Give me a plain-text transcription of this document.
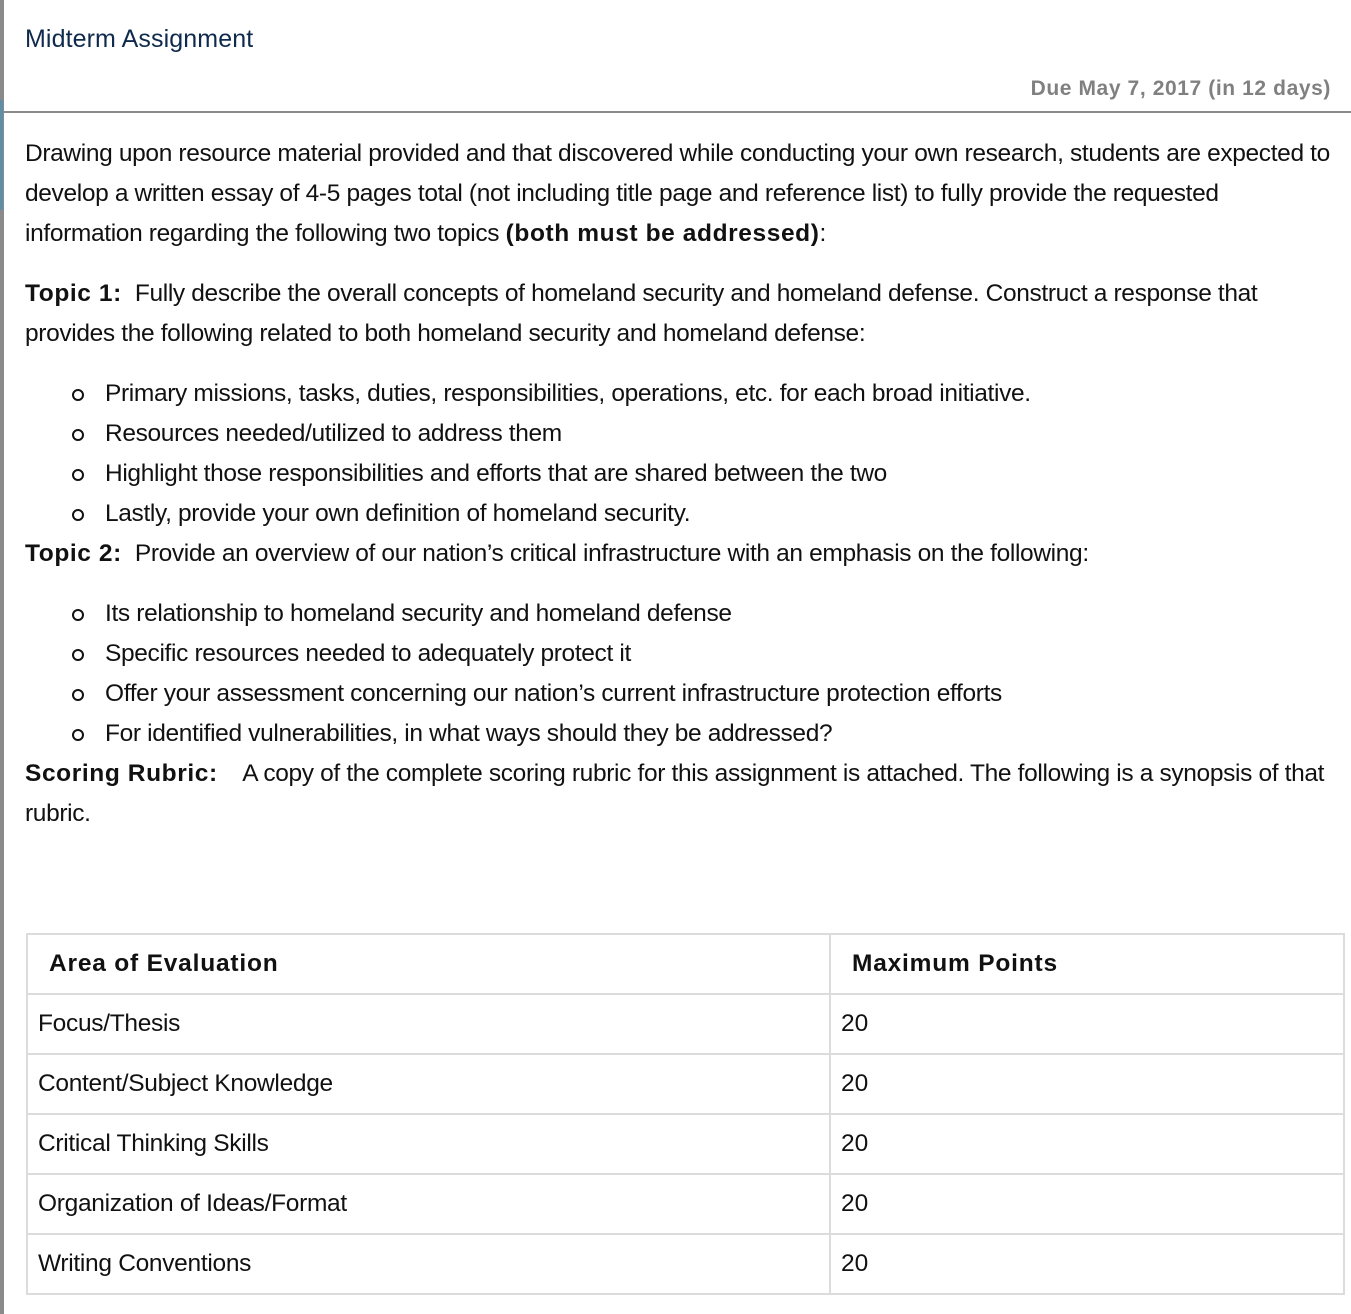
Midterm Assignment
Due May 7, 2017 (in 12 days)

Drawing upon resource material provided and that discovered while conducting your own research, students are expected to develop a written essay of 4-5 pages total (not including title page and reference list) to fully provide the requested information regarding the following two topics (both must be addressed):

Topic 1: Fully describe the overall concepts of homeland security and homeland defense. Construct a response that provides the following related to both homeland security and homeland defense:

Primary missions, tasks, duties, responsibilities, operations, etc. for each broad initiative.
Resources needed/utilized to address them
Highlight those responsibilities and efforts that are shared between the two
Lastly, provide your own definition of homeland security.

Topic 2: Provide an overview of our nation’s critical infrastructure with an emphasis on the following:

Its relationship to homeland security and homeland defense
Specific resources needed to adequately protect it
Offer your assessment concerning our nation’s current infrastructure protection efforts
For identified vulnerabilities, in what ways should they be addressed?

Scoring Rubric: A copy of the complete scoring rubric for this assignment is attached. The following is a synopsis of that rubric.

Area of Evaluation	Maximum Points
Focus/Thesis	20
Content/Subject Knowledge	20
Critical Thinking Skills	20
Organization of Ideas/Format	20
Writing Conventions	20
